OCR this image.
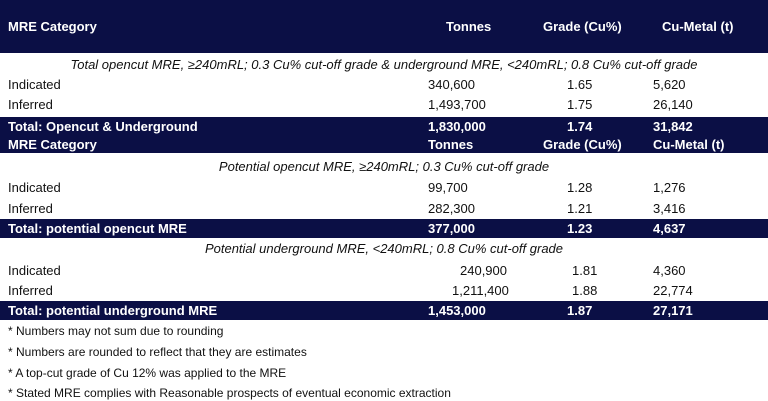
MRE Category	Tonnes	Grade (Cu%)	Cu-Metal (t)
Total opencut MRE, ≥240mRL; 0.3 Cu% cut-off grade & underground MRE, <240mRL; 0.8 Cu% cut-off grade
Indicated	340,600	1.65	5,620
Inferred	1,493,700	1.75	26,140
Total: Opencut & Underground	1,830,000	1.74	31,842
MRE Category	Tonnes	Grade (Cu%) Cu-Metal (t)
Potential opencut MRE, ≥240mRL; 0.3 Cu% cut-off grade
Indicated	99,700	1.28	1,276
Inferred	282,300	1.21	3,416
Total: potential opencut MRE	377,000	1.23	4,637
Potential underground MRE, <240mRL; 0.8 Cu% cut-off grade
Indicated	240,900	1.81	4,360
Inferred	1,211,400	1.88	22,774
Total: potential underground MRE	1,453,000	1.87	27,171
* Numbers may not sum due to rounding
* Numbers are rounded to reflect that they are estimates
* A top-cut grade of Cu 12% was applied to the MRE
* Stated MRE complies with Reasonable prospects of eventual economic extraction
